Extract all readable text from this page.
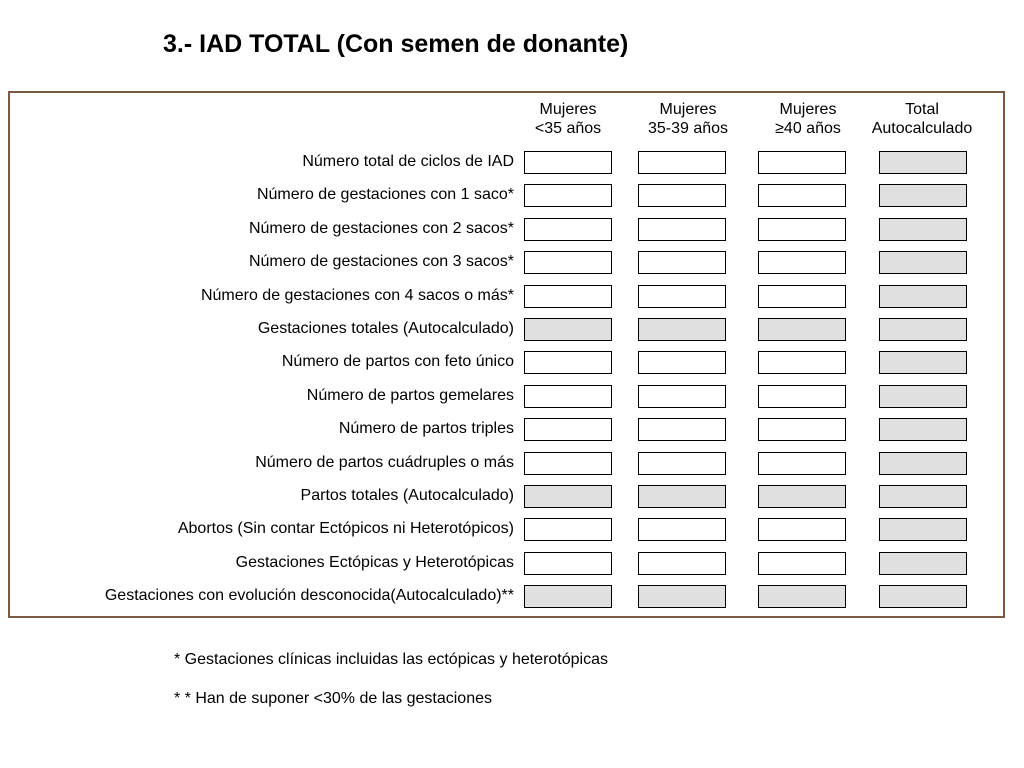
3.- IAD TOTAL (Con semen de donante)
Mujeres
<35 años
Mujeres
35-39 años
Mujeres
≥40 años
Total
Autocalculado
Número total de ciclos de IAD
Número de gestaciones con 1 saco*
Número de gestaciones con 2 sacos*
Número de gestaciones con 3 sacos*
Número de gestaciones con 4 sacos o más*
Gestaciones totales (Autocalculado)
Número de partos con feto único
Número de partos gemelares
Número de partos triples
Número de partos cuádruples o más
Partos totales (Autocalculado)
Abortos (Sin contar Ectópicos ni Heterotópicos)
Gestaciones Ectópicas y Heterotópicas
Gestaciones con evolución desconocida(Autocalculado)**
* Gestaciones clínicas incluidas las ectópicas y heterotópicas
* * Han de suponer <30% de las gestaciones
